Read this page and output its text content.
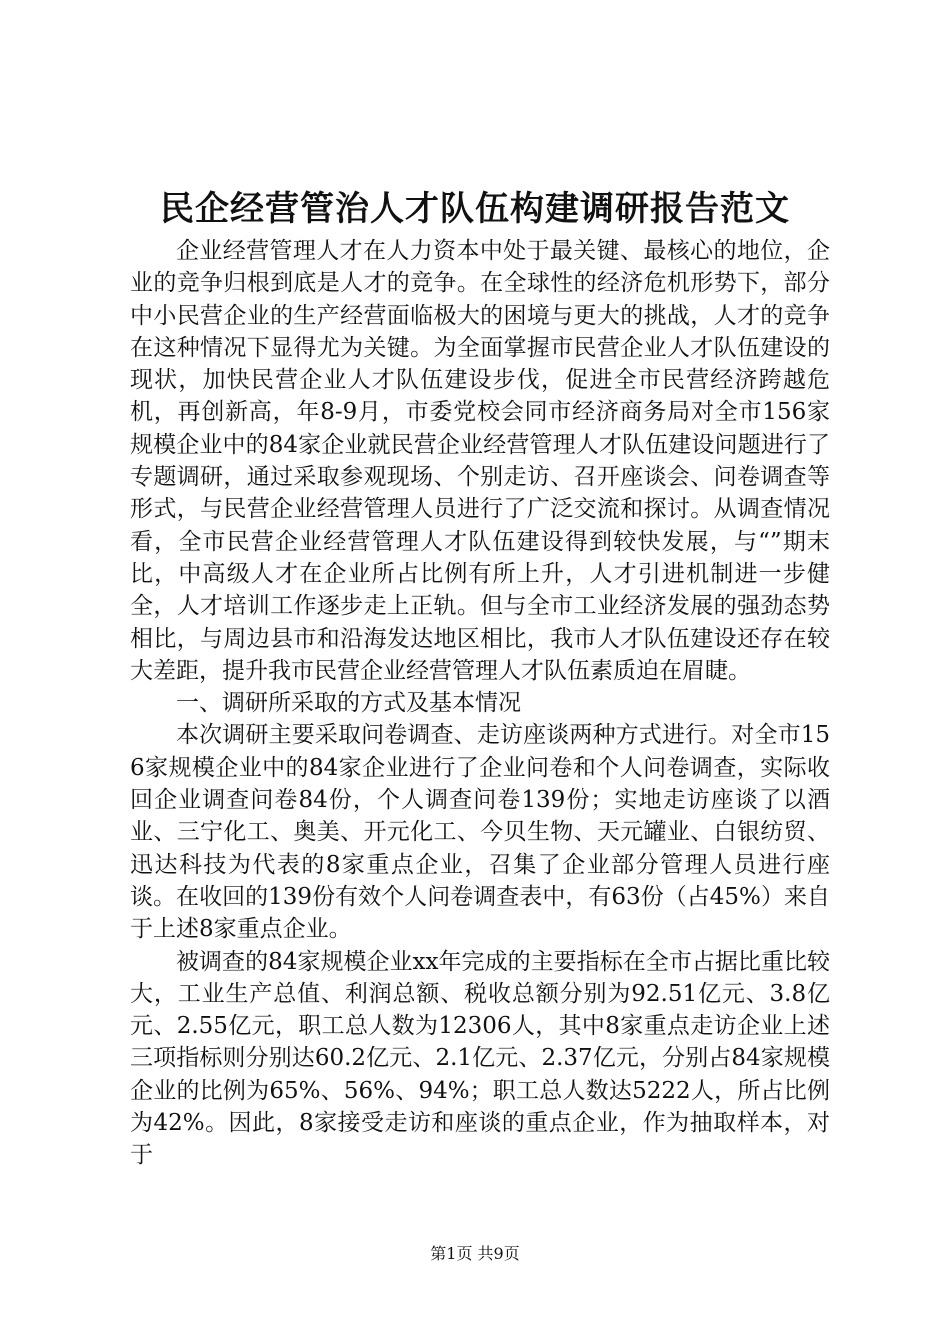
民企经营管治人才队伍构建调研报告范文

企业经营管理人才在人力资本中处于最关键、最核心的地位，企业的竞争归根到底是人才的竞争。在全球性的经济危机形势下，部分中小民营企业的生产经营面临极大的困境与更大的挑战，人才的竞争在这种情况下显得尤为关键。为全面掌握市民营企业人才队伍建设的现状，加快民营企业人才队伍建设步伐，促进全市民营经济跨越危机，再创新高，年8-9月，市委党校会同市经济商务局对全市156家规模企业中的84家企业就民营企业经营管理人才队伍建设问题进行了专题调研，通过采取参观现场、个别走访、召开座谈会、问卷调查等形式，与民营企业经营管理人员进行了广泛交流和探讨。从调查情况看，全市民营企业经营管理人才队伍建设得到较快发展，与“”期末比，中高级人才在企业所占比例有所上升，人才引进机制进一步健全，人才培训工作逐步走上正轨。但与全市工业经济发展的强劲态势相比，与周边县市和沿海发达地区相比，我市人才队伍建设还存在较大差距，提升我市民营企业经营管理人才队伍素质迫在眉睫。

一、调研所采取的方式及基本情况

本次调研主要采取问卷调查、走访座谈两种方式进行。对全市156家规模企业中的84家企业进行了企业问卷和个人问卷调查，实际收回企业调查问卷84份，个人调查问卷139份；实地走访座谈了以酒业、三宁化工、奥美、开元化工、今贝生物、天元罐业、白银纺贸、迅达科技为代表的8家重点企业，召集了企业部分管理人员进行座谈。在收回的139份有效个人问卷调查表中，有63份（占45%）来自于上述8家重点企业。

被调查的84家规模企业xx年完成的主要指标在全市占据比重比较大，工业生产总值、利润总额、税收总额分别为92.51亿元、3.8亿元、2.55亿元，职工总人数为12306人，其中8家重点走访企业上述三项指标则分别达60.2亿元、2.1亿元、2.37亿元，分别占84家规模企业的比例为65%、56%、94%；职工总人数达5222人，所占比例为42%。因此，8家接受走访和座谈的重点企业，作为抽取样本，对于

第1页 共9页
